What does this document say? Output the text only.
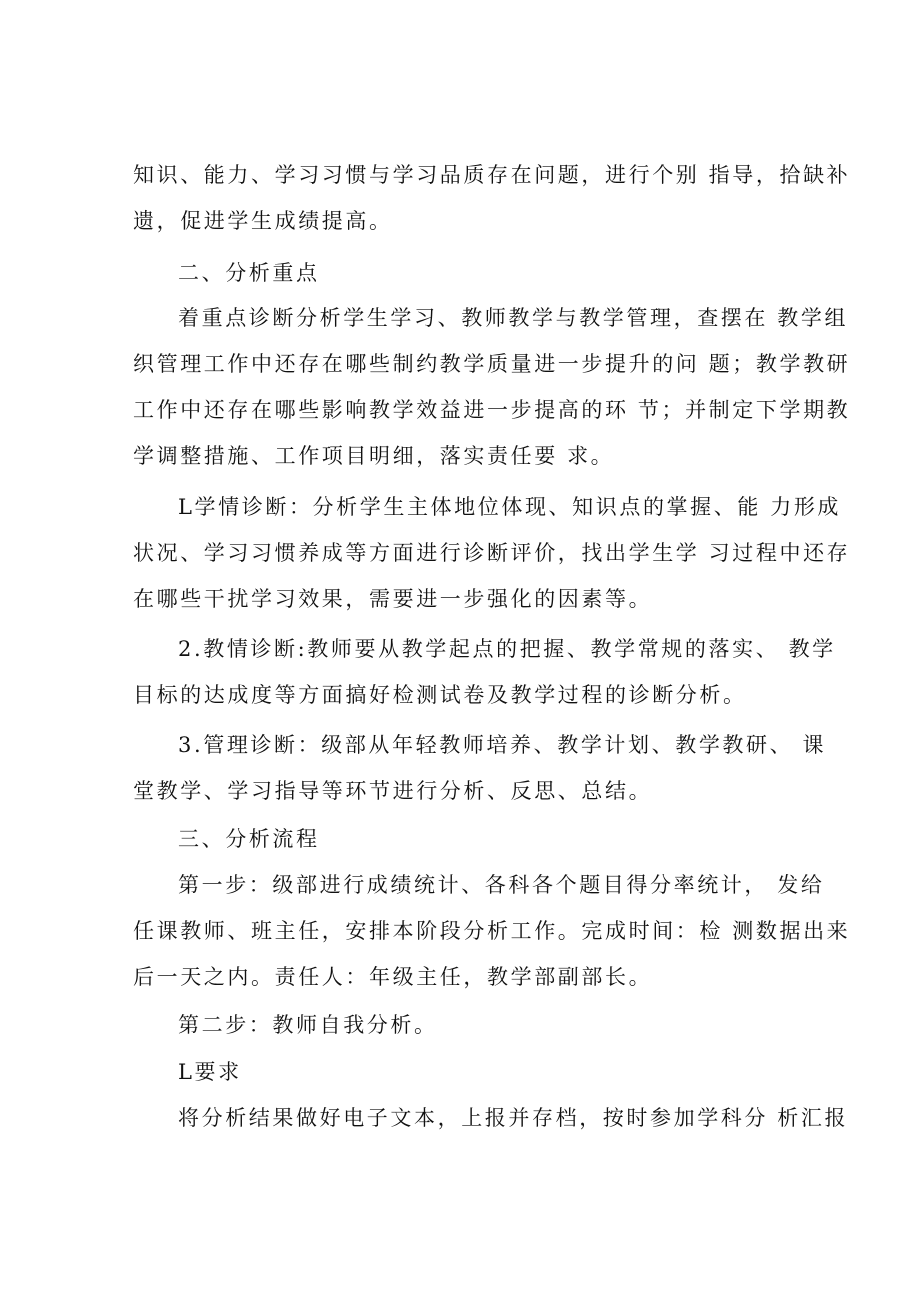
知识、能力、学习习惯与学习品质存在问题，进行个别 指导，拾缺补
遗，促进学生成绩提高。
二、分析重点
着重点诊断分析学生学习、教师教学与教学管理，查摆在 教学组
织管理工作中还存在哪些制约教学质量进一步提升的问 题；教学教研
工作中还存在哪些影响教学效益进一步提高的环 节；并制定下学期教
学调整措施、工作项目明细，落实责任要 求。
L学情诊断：分析学生主体地位体现、知识点的掌握、能 力形成
状况、学习习惯养成等方面进行诊断评价，找出学生学 习过程中还存
在哪些干扰学习效果，需要进一步强化的因素等。
2.教情诊断:教师要从教学起点的把握、教学常规的落实、 教学
目标的达成度等方面搞好检测试卷及教学过程的诊断分析。
3.管理诊断：级部从年轻教师培养、教学计划、教学教研、 课
堂教学、学习指导等环节进行分析、反思、总结。
三、分析流程
第一步：级部进行成绩统计、各科各个题目得分率统计， 发给
任课教师、班主任，安排本阶段分析工作。完成时间：检 测数据出来
后一天之内。责任人：年级主任，教学部副部长。
第二步：教师自我分析。
L要求
将分析结果做好电子文本，上报并存档，按时参加学科分 析汇报
